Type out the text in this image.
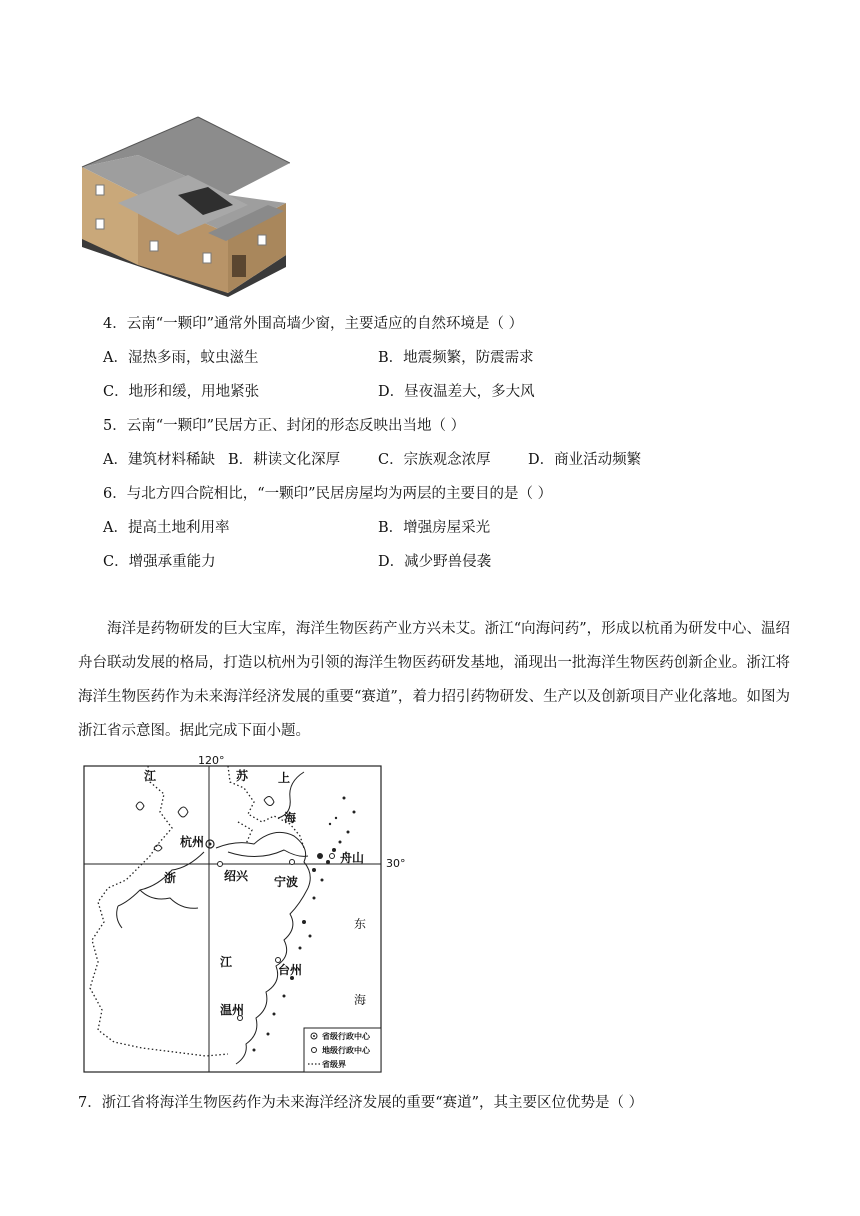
4．云南“一颗印”通常外围高墙少窗，主要适应的自然环境是（ ）
A．湿热多雨，蚊虫滋生	B．地震频繁，防震需求
C．地形和缓，用地紧张	D．昼夜温差大，多大风
5．云南“一颗印”民居方正、封闭的形态反映出当地（ ）
A．建筑材料稀缺 B．耕读文化深厚	C．宗族观念浓厚	D．商业活动频繁
6．与北方四合院相比，“一颗印”民居房屋均为两层的主要目的是（ ）
A．提高土地利用率	B．增强房屋采光
C．增强承重能力	D．减少野兽侵袭
海洋是药物研发的巨大宝库，海洋生物医药产业方兴未艾。浙江“向海问药”，形成以杭甬为研发中心、温绍舟台联动发展的格局，打造以杭州为引领的海洋生物医药研发基地，涌现出一批海洋生物医药创新企业。浙江将海洋生物医药作为未来海洋经济发展的重要“赛道”，着力招引药物研发、生产以及创新项目产业化落地。如图为浙江省示意图。据此完成下面小题。
120°
30°
江	苏 上
海
杭州
浙	绍兴 宁波
舟山
江
台州
温州
东
海
省级行政中心
地级行政中心
省级界
7．浙江省将海洋生物医药作为未来海洋经济发展的重要“赛道”，其主要区位优势是（ ）
